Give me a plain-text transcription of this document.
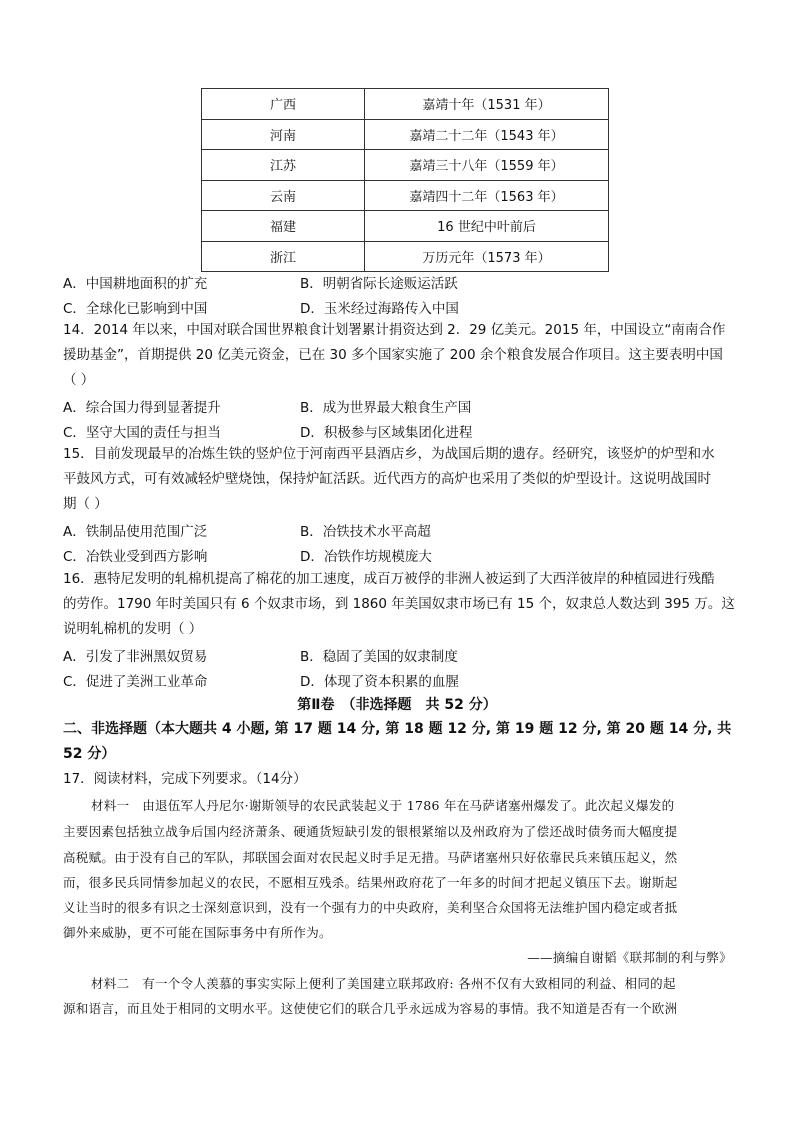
广西	嘉靖十年（1531 年）
河南	嘉靖二十二年（1543 年）
江苏	嘉靖三十八年（1559 年）
云南	嘉靖四十二年（1563 年）
福建	16 世纪中叶前后
浙江	万历元年（1573 年）
A．中国耕地面积的扩充	B．明朝省际长途贩运活跃
C．全球化已影响到中国	D．玉米经过海路传入中国
14．2014 年以来，中国对联合国世界粮食计划署累计捐资达到 2．29 亿美元。2015 年，中国设立“南南合作
援助基金”，首期提供 20 亿美元资金，已在 30 多个国家实施了 200 余个粮食发展合作项目。这主要表明中国
（ ）
A．综合国力得到显著提升	B．成为世界最大粮食生产国
C．坚守大国的责任与担当	D．积极参与区域集团化进程
15．目前发现最早的冶炼生铁的竖炉位于河南西平县酒店乡，为战国后期的遗存。经研究，该竖炉的炉型和水
平鼓风方式，可有效减轻炉壁烧蚀，保持炉缸活跃。近代西方的高炉也采用了类似的炉型设计。这说明战国时
期（ ）
A．铁制品使用范围广泛	B．冶铁技术水平高超
C．冶铁业受到西方影响	D．冶铁作坊规模庞大
16．惠特尼发明的轧棉机提高了棉花的加工速度，成百万被俘的非洲人被运到了大西洋彼岸的种植园进行残酷
的劳作。1790 年时美国只有 6 个奴隶市场，到 1860 年美国奴隶市场已有 15 个，奴隶总人数达到 395 万。这
说明轧棉机的发明（ ）
A．引发了非洲黑奴贸易	B．稳固了美国的奴隶制度
C．促进了美洲工业革命	D．体现了资本积累的血腥
第Ⅱ卷　（非选择题　共 52 分）
二、非选择题（本大题共 4 小题, 第 17 题 14 分, 第 18 题 12 分, 第 19 题 12 分, 第 20 题 14 分, 共
52 分）
17．阅读材料，完成下列要求。（14分）
材料一　由退伍军人丹尼尔·谢斯领导的农民武装起义于 1786 年在马萨诸塞州爆发了。此次起义爆发的
主要因素包括独立战争后国内经济萧条、硬通货短缺引发的银根紧缩以及州政府为了偿还战时债务而大幅度提
高税赋。由于没有自己的军队，邦联国会面对农民起义时手足无措。马萨诸塞州只好依靠民兵来镇压起义，然
而，很多民兵同情参加起义的农民，不愿相互残杀。结果州政府花了一年多的时间才把起义镇压下去。谢斯起
义让当时的很多有识之士深刻意识到，没有一个强有力的中央政府，美利坚合众国将无法维护国内稳定或者抵
御外来威胁，更不可能在国际事务中有所作为。
——摘编自谢韬《联邦制的利与弊》
材料二　有一个令人羡慕的事实实际上便利了美国建立联邦政府: 各州不仅有大致相同的利益、相同的起
源和语言，而且处于相同的文明水平。这使使它们的联合几乎永远成为容易的事情。我不知道是否有一个欧洲
